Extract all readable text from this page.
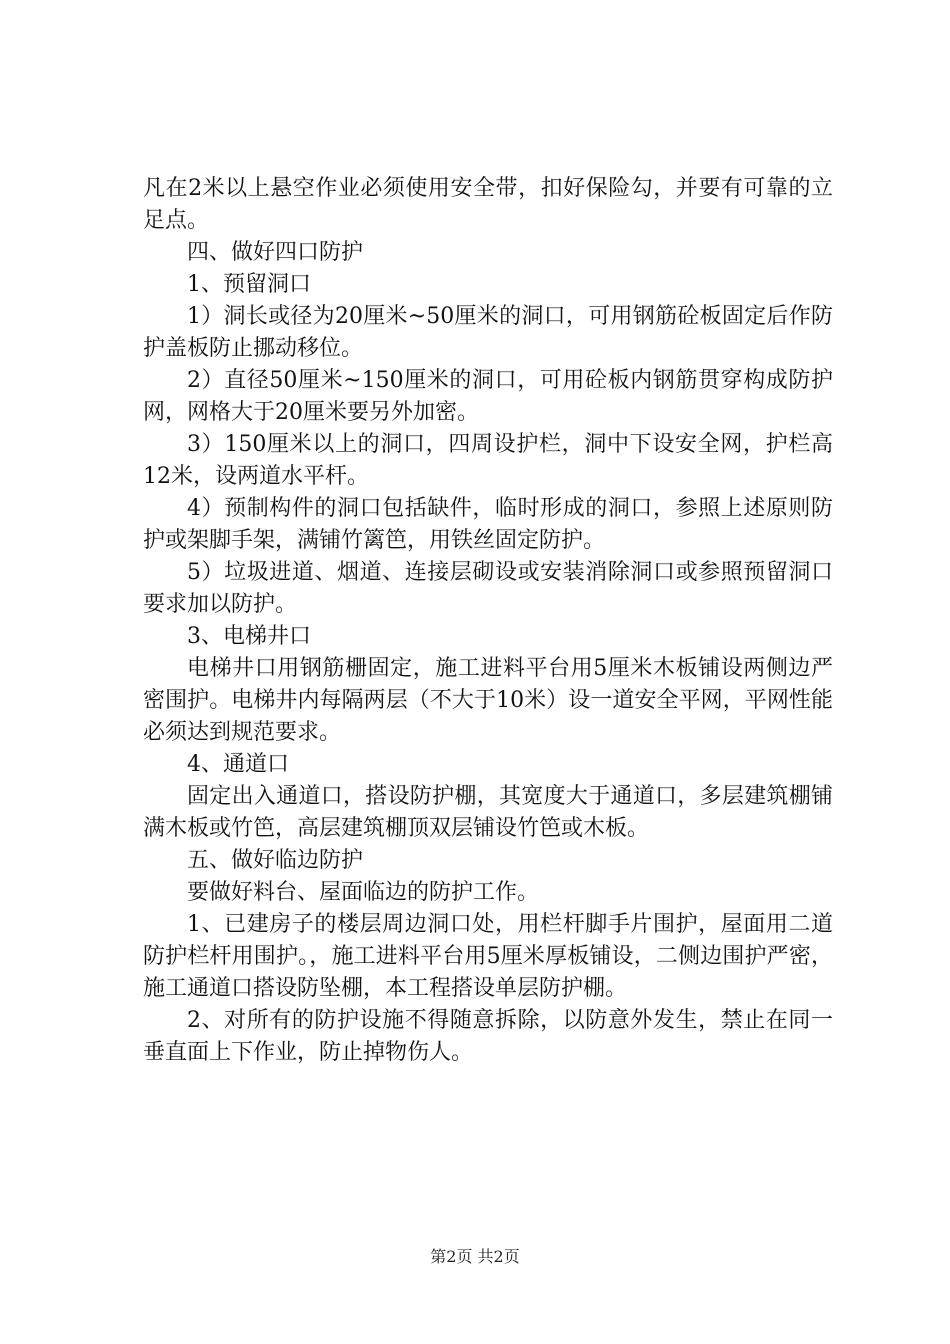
凡在2米以上悬空作业必须使用安全带，扣好保险勾，并要有可靠的立足点。

四、做好四口防护

1、预留洞口

1）洞长或径为20厘米~50厘米的洞口，可用钢筋砼板固定后作防护盖板防止挪动移位。

2）直径50厘米~150厘米的洞口，可用砼板内钢筋贯穿构成防护网，网格大于20厘米要另外加密。

3）150厘米以上的洞口，四周设护栏，洞中下设安全网，护栏高12米，设两道水平杆。

4）预制构件的洞口包括缺件，临时形成的洞口，参照上述原则防护或架脚手架，满铺竹篱笆，用铁丝固定防护。

5）垃圾进道、烟道、连接层砌设或安装消除洞口或参照预留洞口要求加以防护。

3、电梯井口

电梯井口用钢筋栅固定，施工进料平台用5厘米木板铺设两侧边严密围护。电梯井内每隔两层（不大于10米）设一道安全平网，平网性能必须达到规范要求。

4、通道口

固定出入通道口，搭设防护棚，其宽度大于通道口，多层建筑棚铺满木板或竹笆，高层建筑棚顶双层铺设竹笆或木板。

五、做好临边防护

要做好料台、屋面临边的防护工作。

1、已建房子的楼层周边洞口处，用栏杆脚手片围护，屋面用二道防护栏杆用围护。，施工进料平台用5厘米厚板铺设，二侧边围护严密，施工通道口搭设防坠棚，本工程搭设单层防护棚。

2、对所有的防护设施不得随意拆除，以防意外发生，禁止在同一垂直面上下作业，防止掉物伤人。

第2页 共2页
